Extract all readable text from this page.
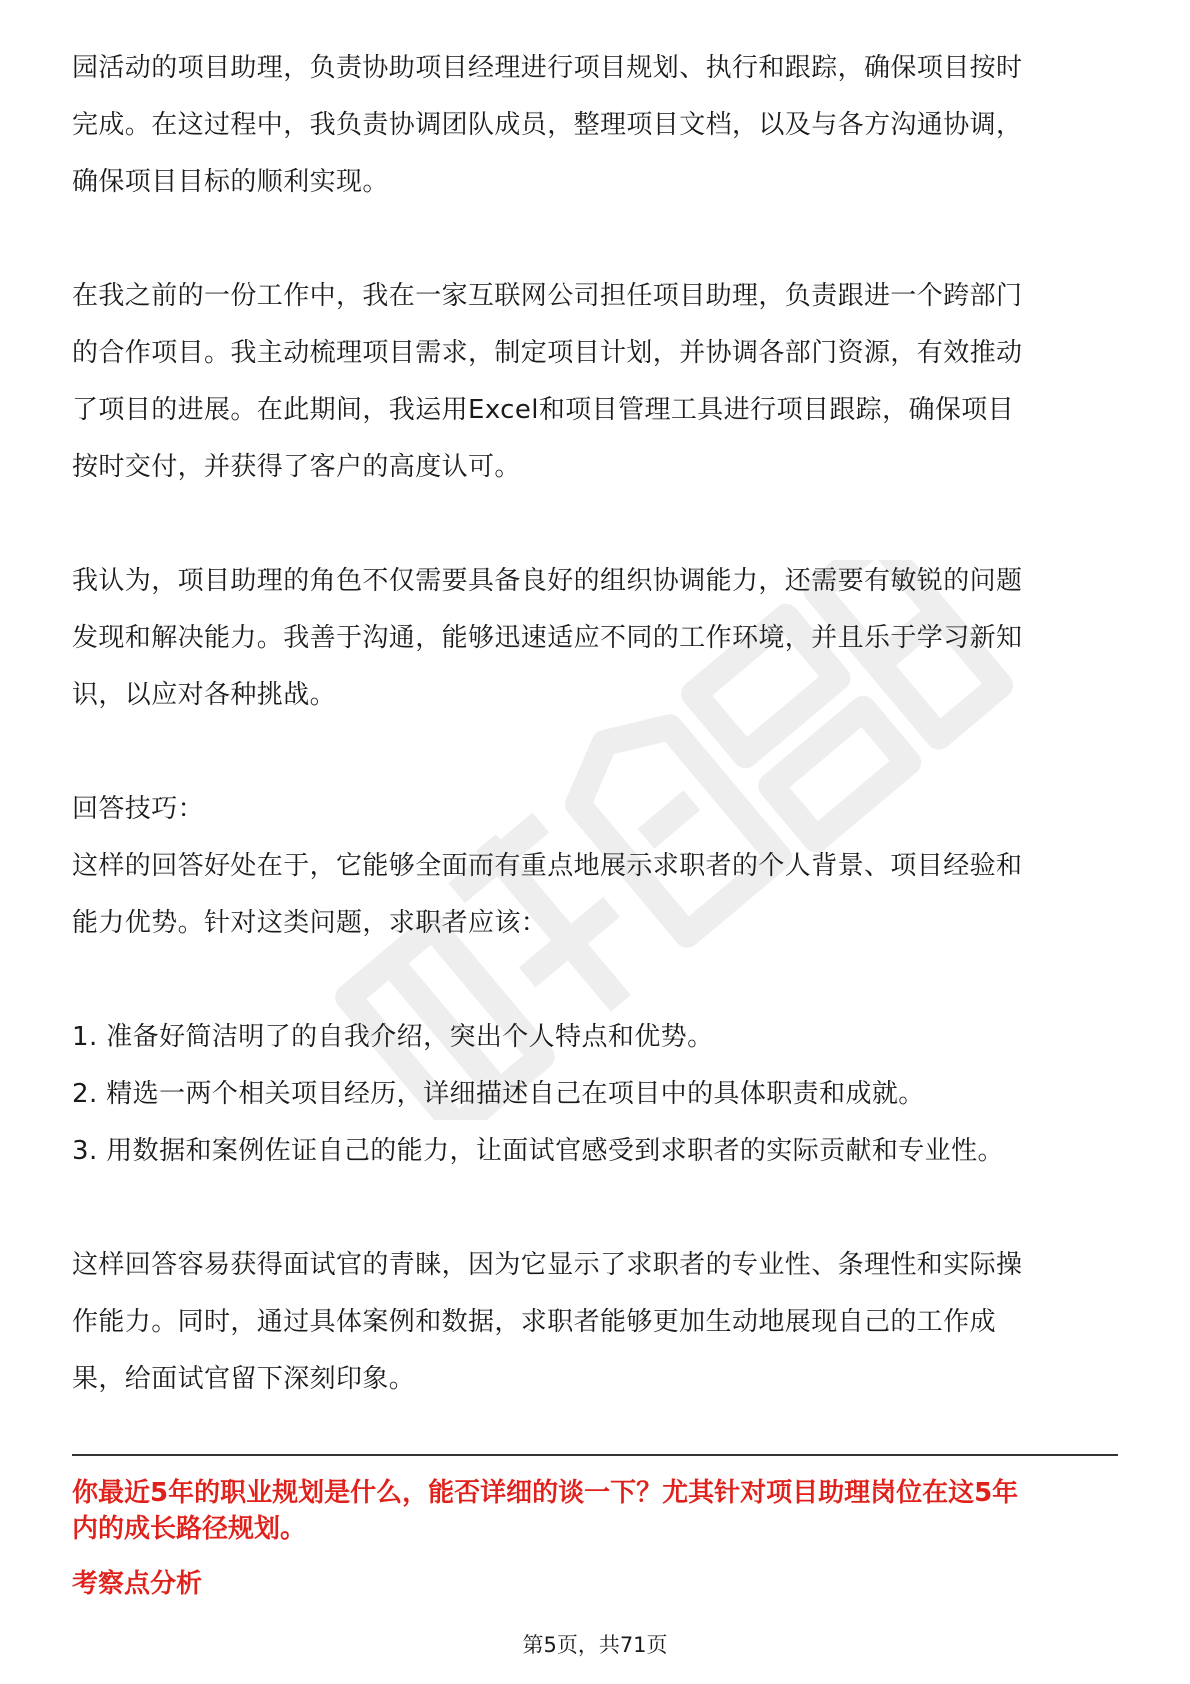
园活动的项目助理，负责协助项目经理进行项目规划、执行和跟踪，确保项目按时
完成。在这过程中，我负责协调团队成员，整理项目文档，以及与各方沟通协调，
确保项目目标的顺利实现。

在我之前的一份工作中，我在一家互联网公司担任项目助理，负责跟进一个跨部门
的合作项目。我主动梳理项目需求，制定项目计划，并协调各部门资源，有效推动
了项目的进展。在此期间，我运用Excel和项目管理工具进行项目跟踪，确保项目
按时交付，并获得了客户的高度认可。

我认为，项目助理的角色不仅需要具备良好的组织协调能力，还需要有敏锐的问题
发现和解决能力。我善于沟通，能够迅速适应不同的工作环境，并且乐于学习新知
识，以应对各种挑战。

回答技巧：

这样的回答好处在于，它能够全面而有重点地展示求职者的个人背景、项目经验和
能力优势。针对这类问题，求职者应该：

1. 准备好简洁明了的自我介绍，突出个人特点和优势。

2. 精选一两个相关项目经历，详细描述自己在项目中的具体职责和成就。

3. 用数据和案例佐证自己的能力，让面试官感受到求职者的实际贡献和专业性。

这样回答容易获得面试官的青睐，因为它显示了求职者的专业性、条理性和实际操
作能力。同时，通过具体案例和数据，求职者能够更加生动地展现自己的工作成
果，给面试官留下深刻印象。

你最近5年的职业规划是什么，能否详细的谈一下？尤其针对项目助理岗位在这5年
内的成长路径规划。

考察点分析

第5页，共71页
